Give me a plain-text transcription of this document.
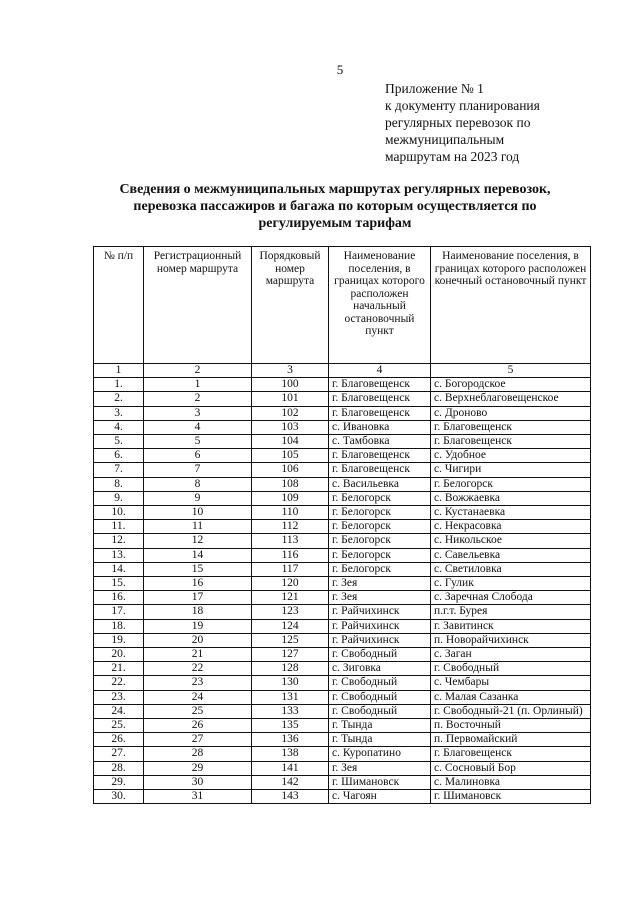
5
Приложение № 1
к документу планирования
регулярных перевозок по
межмуниципальным
маршрутам на 2023 год
Сведения о межмуниципальных маршрутах регулярных перевозок,
перевозка пассажиров и багажа по которым осуществляется по
регулируемым тарифам
№ п/п	Регистрационный номер маршрута	Порядковый номер маршрута	Наименование поселения, в границах которого расположен начальный остановочный пункт	Наименование поселения, в границах которого расположен конечный остановочный пункт
1	2	3	4	5
1.	1	100	г. Благовещенск	с. Богородское
2.	2	101	г. Благовещенск	с. Верхнеблаговещенское
3.	3	102	г. Благовещенск	с. Дроново
4.	4	103	с. Ивановка	г. Благовещенск
5.	5	104	с. Тамбовка	г. Благовещенск
6.	6	105	г. Благовещенск	с. Удобное
7.	7	106	г. Благовещенск	с. Чигири
8.	8	108	с. Васильевка	г. Белогорск
9.	9	109	г. Белогорск	с. Вожжаевка
10.	10	110	г. Белогорск	с. Кустанаевка
11.	11	112	г. Белогорск	с. Некрасовка
12.	12	113	г. Белогорск	с. Никольское
13.	14	116	г. Белогорск	с. Савельевка
14.	15	117	г. Белогорск	с. Светиловка
15.	16	120	г. Зея	с. Гулик
16.	17	121	г. Зея	с. Заречная Слобода
17.	18	123	г. Райчихинск	п.г.т. Бурея
18.	19	124	г. Райчихинск	г. Завитинск
19.	20	125	г. Райчихинск	п. Новорайчихинск
20.	21	127	г. Свободный	с. Заган
21.	22	128	с. Зиговка	г. Свободный
22.	23	130	г. Свободный	с. Чембары
23.	24	131	г. Свободный	с. Малая Сазанка
24.	25	133	г. Свободный	г. Свободный-21 (п. Орлиный)
25.	26	135	г. Тында	п. Восточный
26.	27	136	г. Тында	п. Первомайский
27.	28	138	с. Куропатино	г. Благовещенск
28.	29	141	г. Зея	с. Сосновый Бор
29.	30	142	г. Шимановск	с. Малиновка
30.	31	143	с. Чагоян	г. Шимановск
